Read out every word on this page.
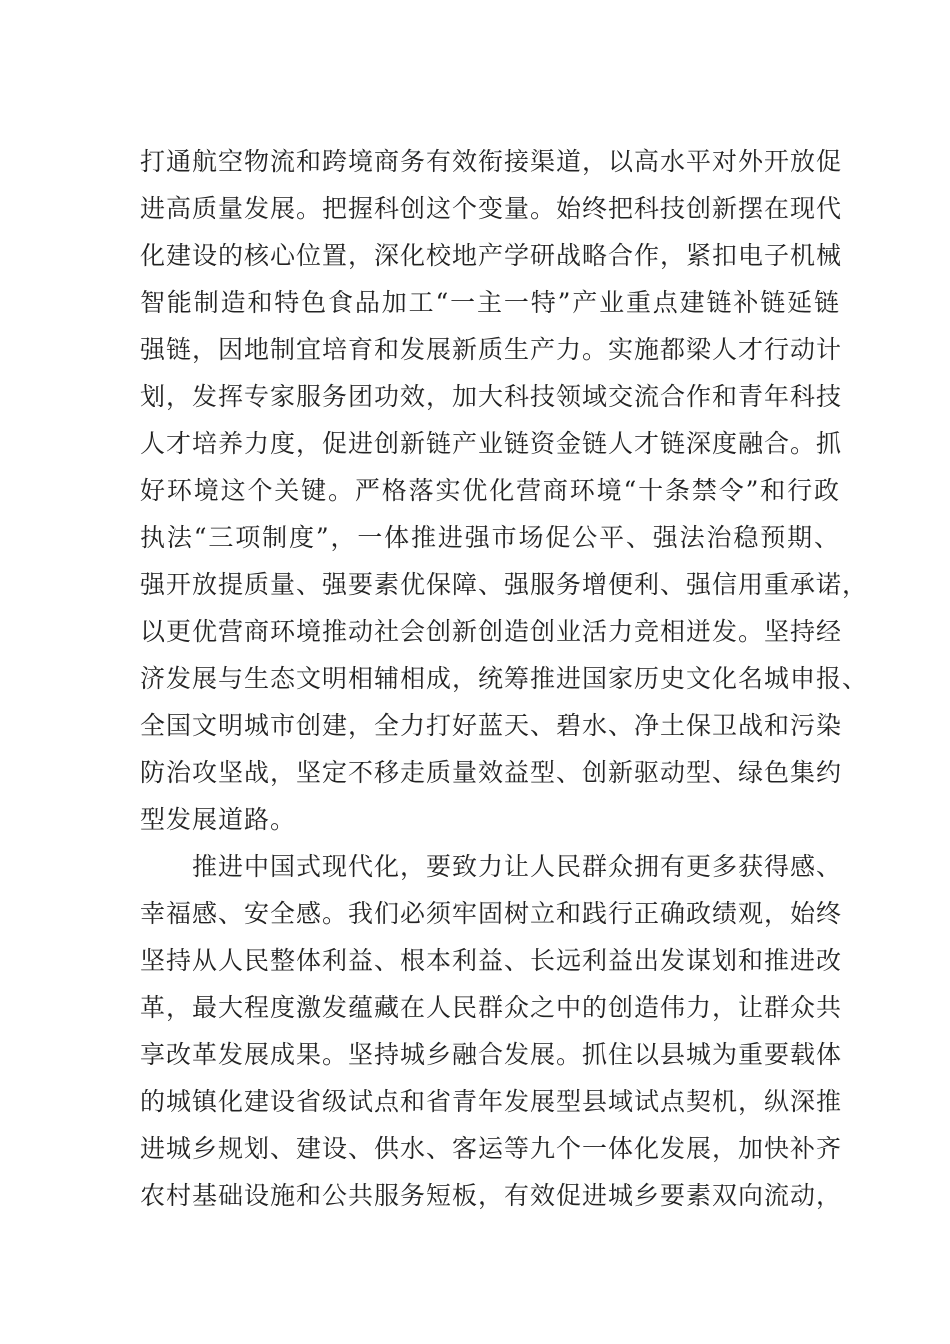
打通航空物流和跨境商务有效衔接渠道，以高水平对外开放促
进高质量发展。把握科创这个变量。始终把科技创新摆在现代
化建设的核心位置，深化校地产学研战略合作，紧扣电子机械
智能制造和特色食品加工“一主一特”产业重点建链补链延链
强链，因地制宜培育和发展新质生产力。实施都梁人才行动计
划，发挥专家服务团功效，加大科技领域交流合作和青年科技
人才培养力度，促进创新链产业链资金链人才链深度融合。抓
好环境这个关键。严格落实优化营商环境“十条禁令”和行政
执法“三项制度”，一体推进强市场促公平、强法治稳预期、
强开放提质量、强要素优保障、强服务增便利、强信用重承诺，
以更优营商环境推动社会创新创造创业活力竞相迸发。坚持经
济发展与生态文明相辅相成，统筹推进国家历史文化名城申报、
全国文明城市创建，全力打好蓝天、碧水、净土保卫战和污染
防治攻坚战，坚定不移走质量效益型、创新驱动型、绿色集约
型发展道路。
推进中国式现代化，要致力让人民群众拥有更多获得感、
幸福感、安全感。我们必须牢固树立和践行正确政绩观，始终
坚持从人民整体利益、根本利益、长远利益出发谋划和推进改
革，最大程度激发蕴藏在人民群众之中的创造伟力，让群众共
享改革发展成果。坚持城乡融合发展。抓住以县城为重要载体
的城镇化建设省级试点和省青年发展型县域试点契机，纵深推
进城乡规划、建设、供水、客运等九个一体化发展，加快补齐
农村基础设施和公共服务短板，有效促进城乡要素双向流动，
